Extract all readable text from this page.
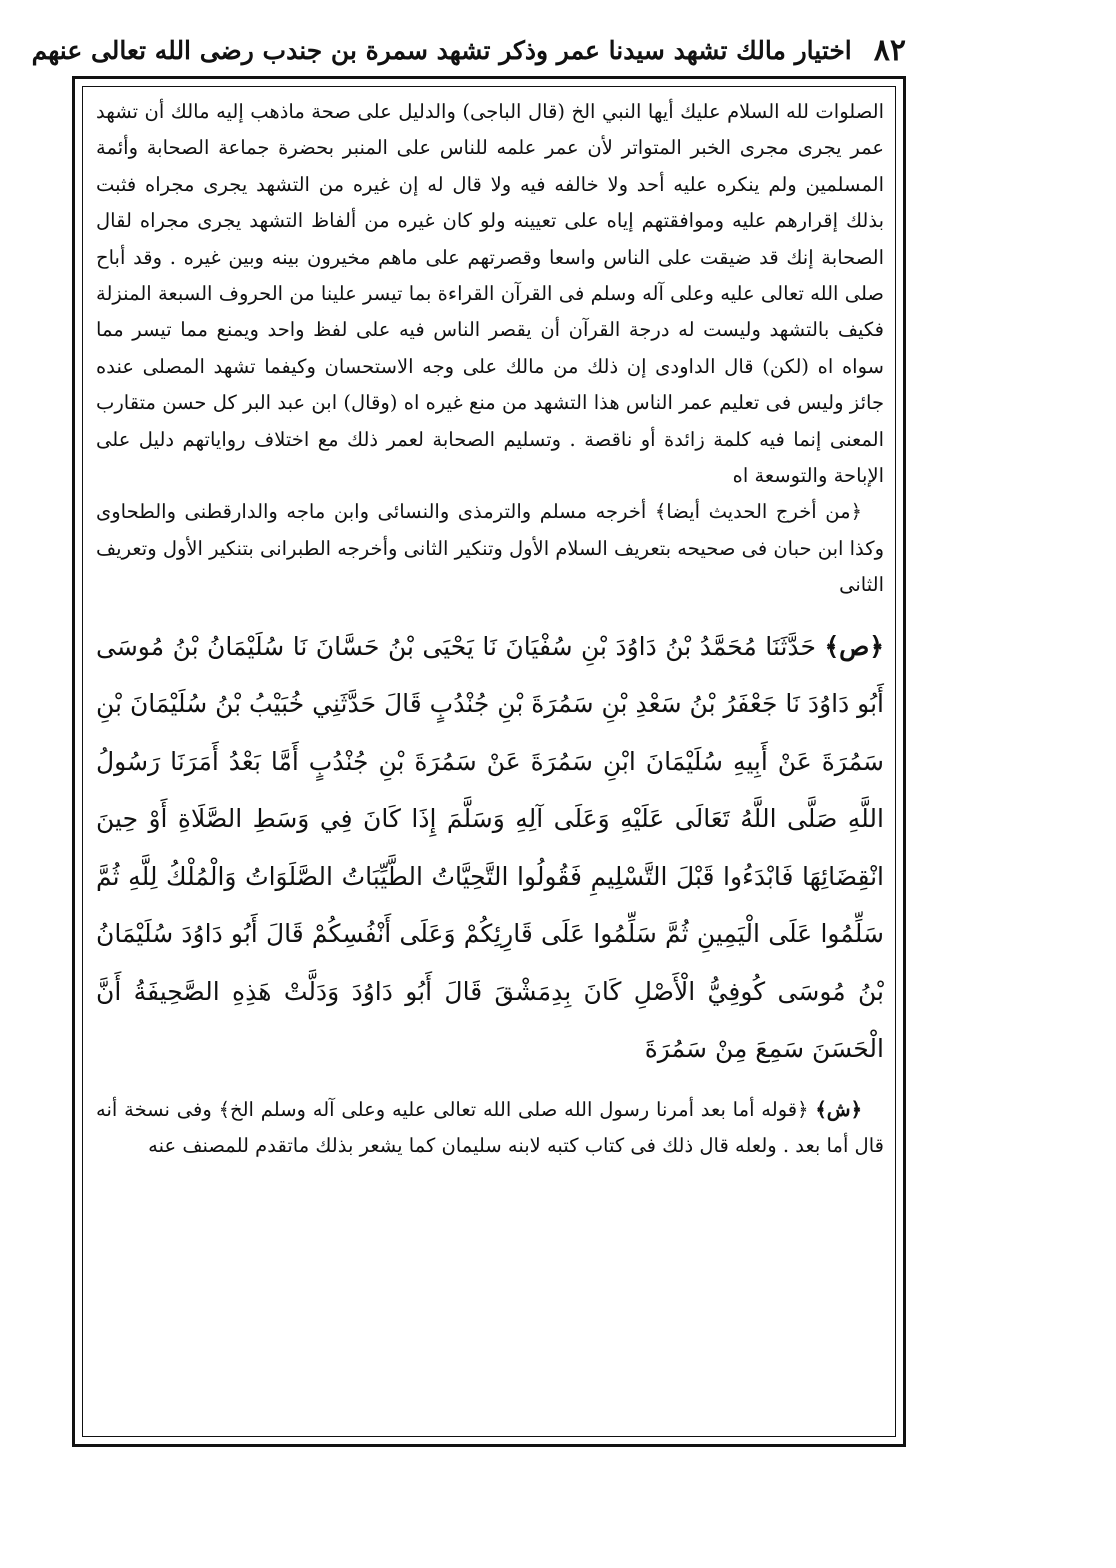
٨٢
اختيار مالك تشهد سيدنا عمر وذكر تشهد سمرة بن جندب رضى الله تعالى عنهم

الصلوات لله السلام عليك أيها النبي الخ (قال الباجى) والدليل على صحة ماذهب إليه مالك أن تشهد عمر يجرى مجرى الخبر المتواتر لأن عمر علمه للناس على المنبر بحضرة جماعة الصحابة وأئمة المسلمين ولم ينكره عليه أحد ولا خالفه فيه ولا قال له إن غيره من التشهد يجرى مجراه فثبت بذلك إقرارهم عليه وموافقتهم إياه على تعيينه ولو كان غيره من ألفاظ التشهد يجرى مجراه لقال الصحابة إنك قد ضيقت على الناس واسعا وقصرتهم على ماهم مخيرون بينه وبين غيره . وقد أباح صلى الله تعالى عليه وعلى آله وسلم فى القرآن القراءة بما تيسر علينا من الحروف السبعة المنزلة فكيف بالتشهد وليست له درجة القرآن أن يقصر الناس فيه على لفظ واحد ويمنع مما تيسر مما سواه اه (لكن) قال الداودى إن ذلك من مالك على وجه الاستحسان وكيفما تشهد المصلى عنده جائز وليس فى تعليم عمر الناس هذا التشهد من منع غيره اه (وقال) ابن عبد البر كل حسن متقارب المعنى إنما فيه كلمة زائدة أو ناقصة . وتسليم الصحابة لعمر ذلك مع اختلاف رواياتهم دليل على الإباحة والتوسعة اه

﴿من أخرج الحديث أيضا﴾ أخرجه مسلم والترمذى والنسائى وابن ماجه والدارقطنى والطحاوى وكذا ابن حبان فى صحيحه بتعريف السلام الأول وتنكير الثانى وأخرجه الطبرانى بتنكير الأول وتعريف الثانى

﴿ص﴾ حَدَّثَنَا مُحَمَّدُ بْنُ دَاوُدَ بْنِ سُفْيَانَ نَا يَحْيَى بْنُ حَسَّانَ نَا سُلَيْمَانُ بْنُ مُوسَى أَبُو دَاوُدَ نَا جَعْفَرُ بْنُ سَعْدِ بْنِ سَمُرَةَ بْنِ جُنْدُبٍ قَالَ حَدَّثَنِي خُبَيْبُ بْنُ سُلَيْمَانَ بْنِ سَمُرَةَ عَنْ أَبِيهِ سُلَيْمَانَ ابْنِ سَمُرَةَ عَنْ سَمُرَةَ بْنِ جُنْدُبٍ أَمَّا بَعْدُ أَمَرَنَا رَسُولُ اللَّهِ صَلَّى اللَّهُ تَعَالَى عَلَيْهِ وَعَلَى آلِهِ وَسَلَّمَ إِذَا كَانَ فِي وَسَطِ الصَّلَاةِ أَوْ حِينَ انْقِضَائِهَا فَابْدَءُوا قَبْلَ التَّسْلِيمِ فَقُولُوا التَّحِيَّاتُ الطَّيِّبَاتُ الصَّلَوَاتُ وَالْمُلْكُ لِلَّهِ ثُمَّ سَلِّمُوا عَلَى الْيَمِينِ ثُمَّ سَلِّمُوا عَلَى قَارِئِكُمْ وَعَلَى أَنْفُسِكُمْ قَالَ أَبُو دَاوُدَ سُلَيْمَانُ بْنُ مُوسَى كُوفِيُّ الْأَصْلِ كَانَ بِدِمَشْقَ قَالَ أَبُو دَاوُدَ وَدَلَّتْ هَذِهِ الصَّحِيفَةُ أَنَّ الْحَسَنَ سَمِعَ مِنْ سَمُرَةَ

﴿ش﴾ ﴿قوله أما بعد أمرنا رسول الله صلى الله تعالى عليه وعلى آله وسلم الخ﴾ وفى نسخة أنه قال أما بعد . ولعله قال ذلك فى كتاب كتبه لابنه سليمان كما يشعر بذلك ماتقدم للمصنف عنه
